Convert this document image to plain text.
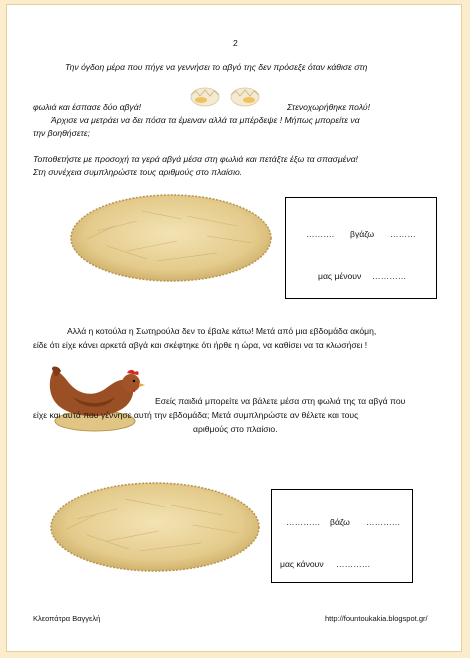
2
Την όγδοη μέρα που πήγε να γεννήσει το αβγό της δεν πρόσεξε όταν κάθισε στη
φωλιά και έσπασε δύο αβγά!	Στενοχωρήθηκε πολύ!
Άρχισε να μετράει να δει πόσα τα έμειναν αλλά τα μπέρδεψε ! Μήπως μπορείτε να
την βοηθήσετε;
Τοποθετήστε με προσοχή τα γερά αβγά μέσα στη φωλιά και πετάξτε έξω τα σπασμένα!
Στη συνέχεια συμπληρώστε τους αριθμούς στο πλαίσιο.
………. βγάζω ………
μας μένουν …………
Αλλά η κοτούλα η Σωτηρούλα δεν το έβαλε κάτω! Μετά από μια εβδομάδα ακόμη,
είδε ότι είχε κάνει αρκετά αβγά και σκέφτηκε ότι ήρθε η ώρα, να καθίσει να τα κλωσήσει !
Εσείς παιδιά μπορείτε να βάλετε μέσα στη φωλιά της τα αβγά που
είχε και αυτά που γέννησε αυτή την εβδομάδα; Μετά συμπληρώστε αν θέλετε και τους
αριθμούς στο πλαίσιο.
………… βάζω …………
μας κάνουν …………
Κλεοπάτρα Βαγγελή	http://fountoukakia.blogspot.gr/
